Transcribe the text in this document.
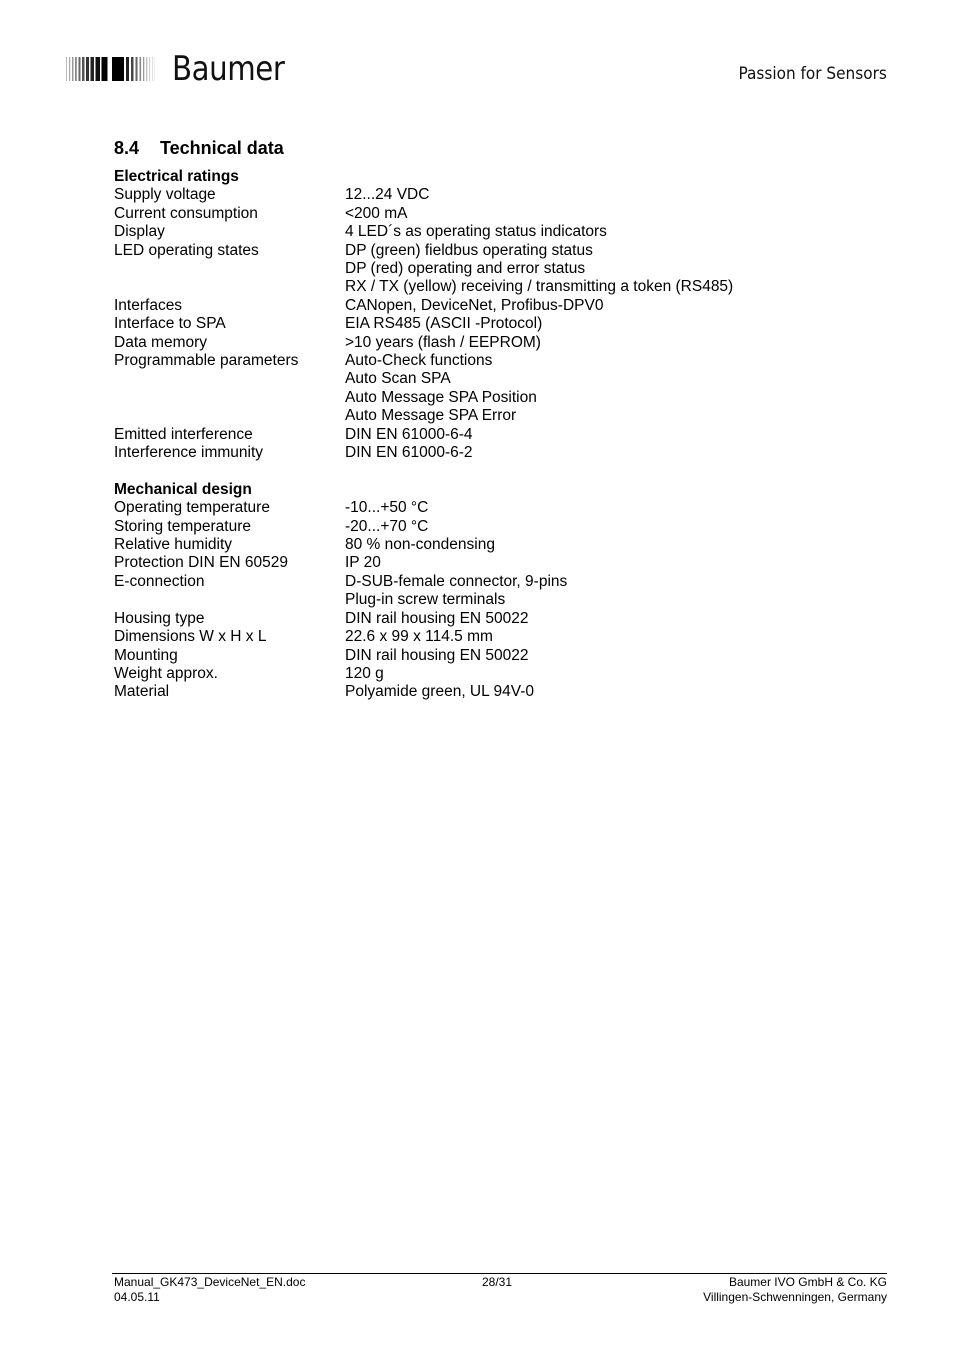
Baumer	Passion for Sensors
8.4 Technical data
Electrical ratings
Supply voltage	12...24 VDC
Current consumption	<200 mA
Display	4 LED´s as operating status indicators
LED operating states	DP (green) fieldbus operating status
DP (red) operating and error status
RX / TX (yellow) receiving / transmitting a token (RS485)
Interfaces	CANopen, DeviceNet, Profibus-DPV0
Interface to SPA	EIA RS485 (ASCII -Protocol)
Data memory	>10 years (flash / EEPROM)
Programmable parameters	Auto-Check functions
Auto Scan SPA
Auto Message SPA Position
Auto Message SPA Error
Emitted interference	DIN EN 61000-6-4
Interference immunity	DIN EN 61000-6-2
Mechanical design
Operating temperature	-10...+50 °C
Storing temperature	-20...+70 °C
Relative humidity	80 % non-condensing
Protection DIN EN 60529	IP 20
E-connection	D-SUB-female connector, 9-pins
Plug-in screw terminals
Housing type	DIN rail housing EN 50022
Dimensions W x H x L	22.6 x 99 x 114.5 mm
Mounting	DIN rail housing EN 50022
Weight approx.	120 g
Material	Polyamide green, UL 94V-0
Manual_GK473_DeviceNet_EN.doc
04.05.11
28/31	Baumer IVO GmbH & Co. KG
Villingen-Schwenningen, Germany
